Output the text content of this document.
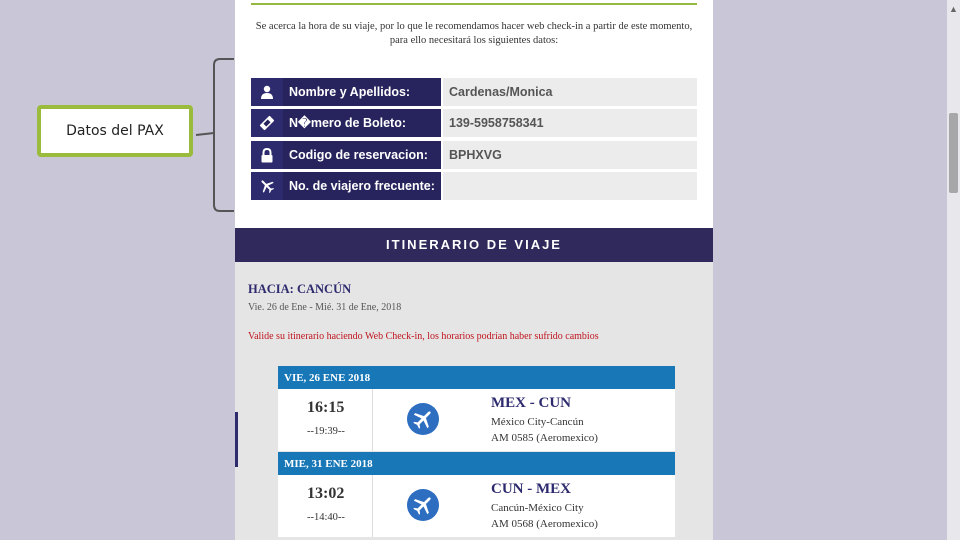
Datos del PAX
Se acerca la hora de su viaje, por lo que le recomendamos hacer web check-in a partir de este momento,
para ello necesitará los siguientes datos:
Nombre y Apellidos:	Cardenas/Monica
N�mero de Boleto:	139-5958758341
Codigo de reservacion:	BPHXVG
No. de viajero frecuente:
ITINERARIO DE VIAJE
HACIA: CANCÚN
Vie. 26 de Ene - Mié. 31 de Ene, 2018
Valide su itinerario haciendo Web Check-in, los horarios podrían haber sufrido cambios
VIE, 26 ENE 2018
16:15
--19:39--
MEX - CUN
México City-Cancún
AM 0585 (Aeromexico)
MIE, 31 ENE 2018
13:02
--14:40--
CUN - MEX
Cancún-México City
AM 0568 (Aeromexico)
▲
